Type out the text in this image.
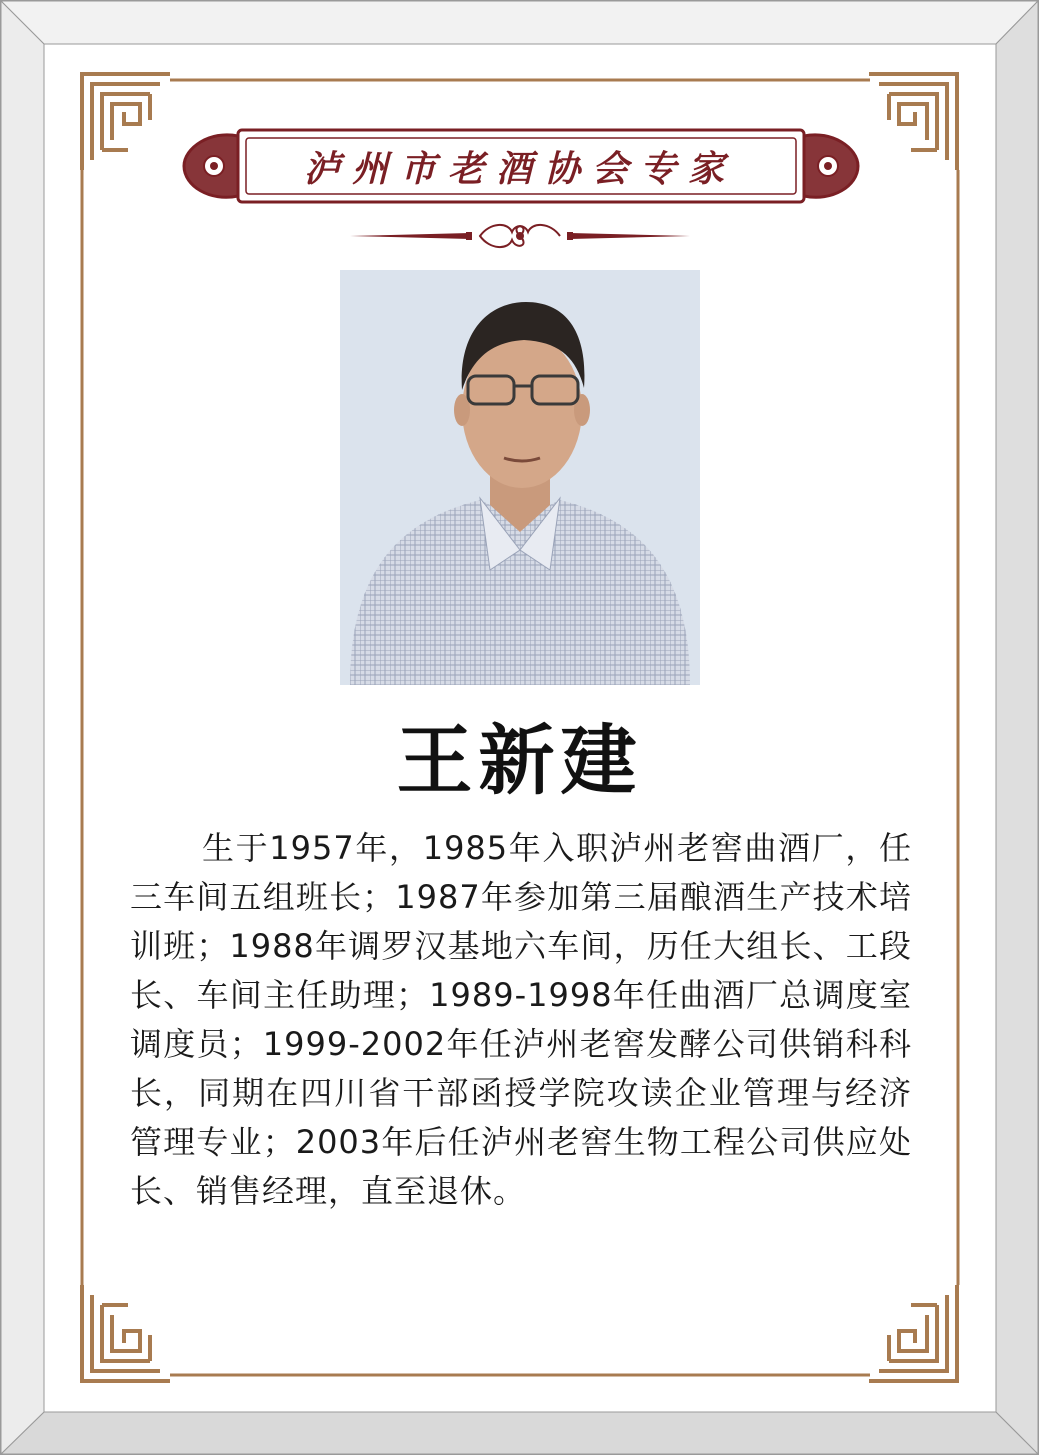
泸州市老酒协会专家
王新建
生于1957年，1985年入职泸州老窖曲酒厂，任三车间五组班长；1987年参加第三届酿酒生产技术培训班；1988年调罗汉基地六车间，历任大组长、工段长、车间主任助理；1989-1998年任曲酒厂总调度室调度员；1999-2002年任泸州老窖发酵公司供销科科长，同期在四川省干部函授学院攻读企业管理与经济管理专业；2003年后任泸州老窖生物工程公司供应处长、销售经理，直至退休。
